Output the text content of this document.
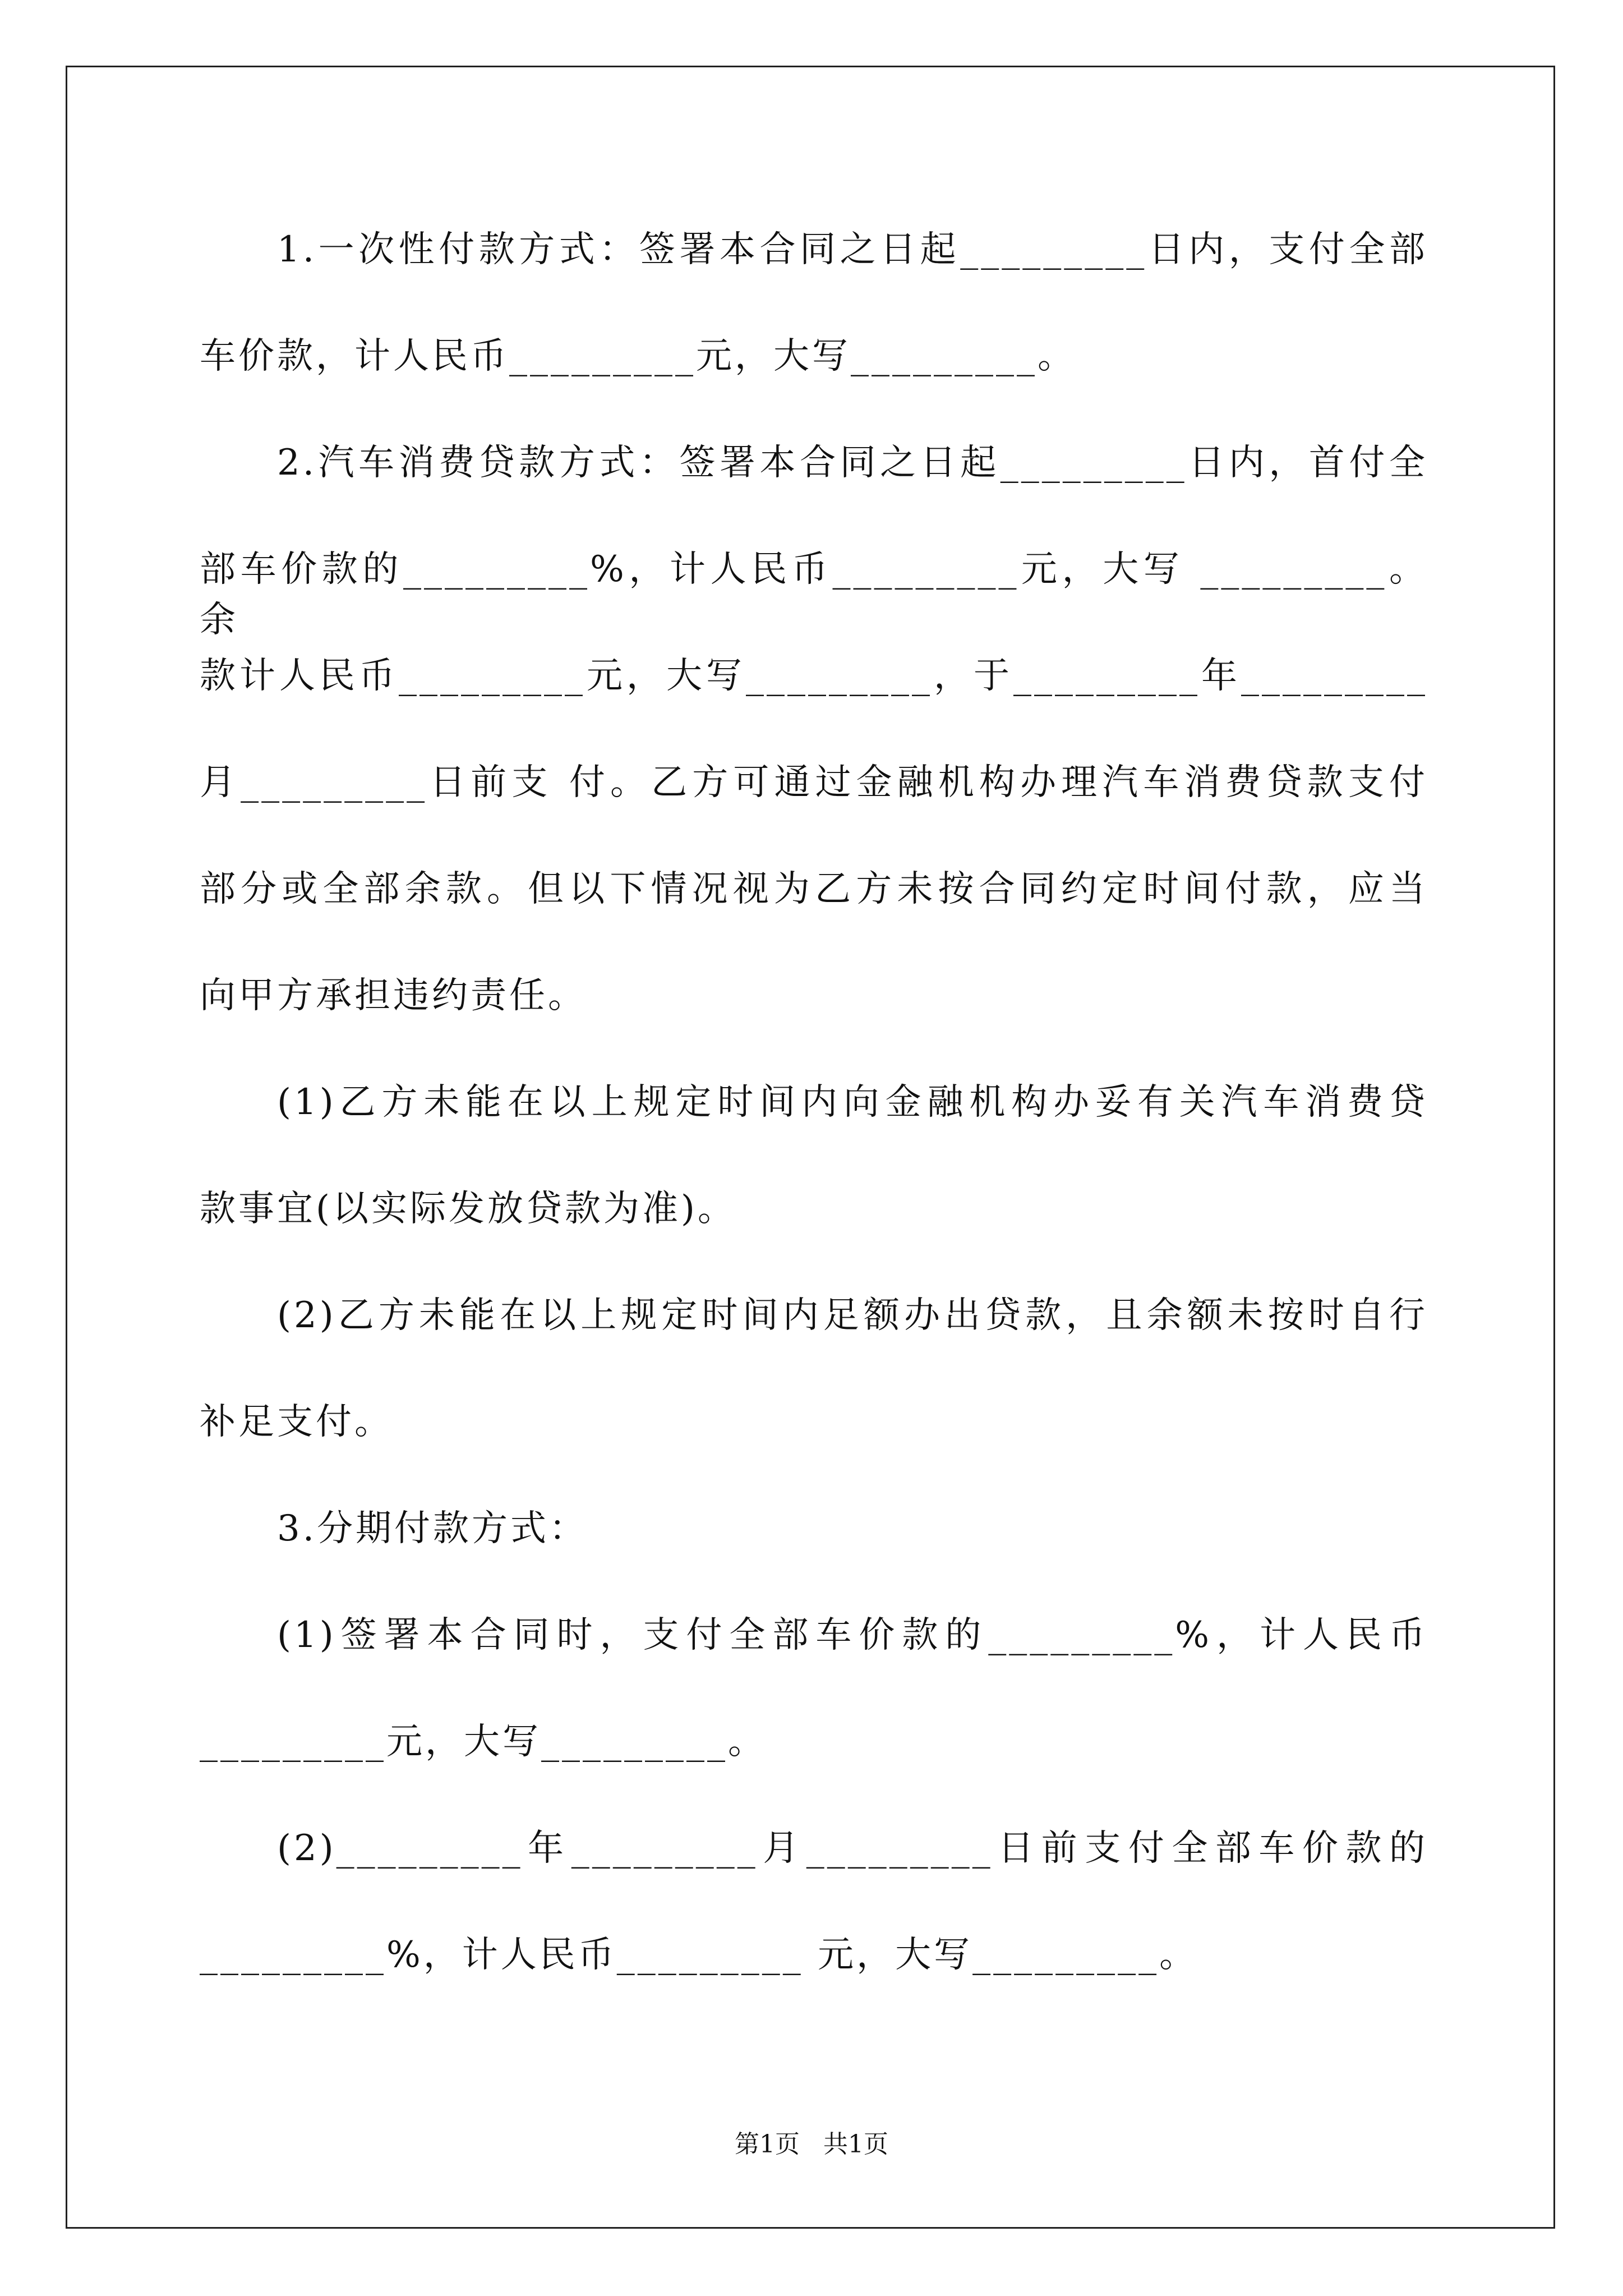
1.一次性付款方式：签署本合同之日起_________日内，支付全部
车价款，计人民币_________元，大写_________。
2.汽车消费贷款方式：签署本合同之日起_________日内，首付全
部车价款的_________%，计人民币_________元，大写 _________。余
款计人民币_________元，大写_________，于_________年_________
月_________日前支 付。乙方可通过金融机构办理汽车消费贷款支付
部分或全部余款。但以下情况视为乙方未按合同约定时间付款，应当
向甲方承担违约责任。
(1)乙方未能在以上规定时间内向金融机构办妥有关汽车消费贷
款事宜(以实际发放贷款为准)。
(2)乙方未能在以上规定时间内足额办出贷款，且余额未按时自行
补足支付。
3.分期付款方式：
(1)签署本合同时，支付全部车价款的_________%，计人民币
_________元，大写_________。
(2)_________年_________月_________日前支付全部车价款的
_________%，计人民币_________ 元，大写_________。
第1页   共1页
